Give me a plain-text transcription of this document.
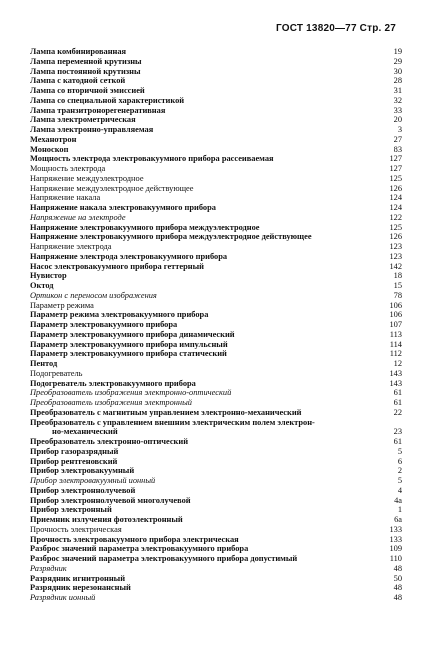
ГОСТ 13820—77 Стр. 27
Лампа комбинированная	19
Лампа переменной крутизны	29
Лампа постоянной крутизны	30
Лампа с катодной сеткой	28
Лампа со вторичной эмиссией	31
Лампа со специальной характеристикой	32
Лампа транзитронорегенеративная	33
Лампа электрометрическая	20
Лампа электронно-управляемая	3
Механотрон	27
Моноскоп	83
Мощность электрода электровакуумного прибора рассеиваемая	127
Мощность электрода	127
Напряжение междуэлектродное	125
Напряжение междуэлектродное действующее	126
Напряжение накала	124
Напряжение накала электровакуумного прибора	124
Напряжение на электроде	122
Напряжение электровакуумного прибора междуэлектродное	125
Напряжение электровакуумного прибора междуэлектродное действующее	126
Напряжение электрода	123
Напряжение электрода электровакуумного прибора	123
Насос электровакуумного прибора геттерный	142
Нувистор	18
Октод	15
Ортикон с переносом изображения	78
Параметр режима	106
Параметр режима электровакуумного прибора	106
Параметр электровакуумного прибора	107
Параметр электровакуумного прибора динамический	113
Параметр электровакуумного прибора импульсный	114
Параметр электровакуумного прибора статический	112
Пентод	12
Подогреватель	143
Подогреватель электровакуумного прибора	143
Преобразователь изображения электронно-оптический	61
Преобразователь изображения электронный	61
Преобразователь с магнитным управлением электронно-механический	22
Преобразователь с управлением внешним электрическим полем электрон-
но-механический	23
Преобразователь электронно-оптический	61
Прибор газоразрядный	5
Прибор рентгеновский	6
Прибор электровакуумный	2
Прибор электровакуумный ионный	5
Прибор электроннолучевой	4
Прибор электроннолучевой многолучевой	4а
Прибор электронный	1
Приемник излучения фотоэлектронный	6а
Прочность электрическая	133
Прочность электровакуумного прибора электрическая	133
Разброс значений параметра электровакуумного прибора	109
Разброс значений параметра электровакуумного прибора допустимый	110
Разрядник	48
Разрядник игнитронный	50
Разрядник нерезонансный	48
Разрядник ионный	48
